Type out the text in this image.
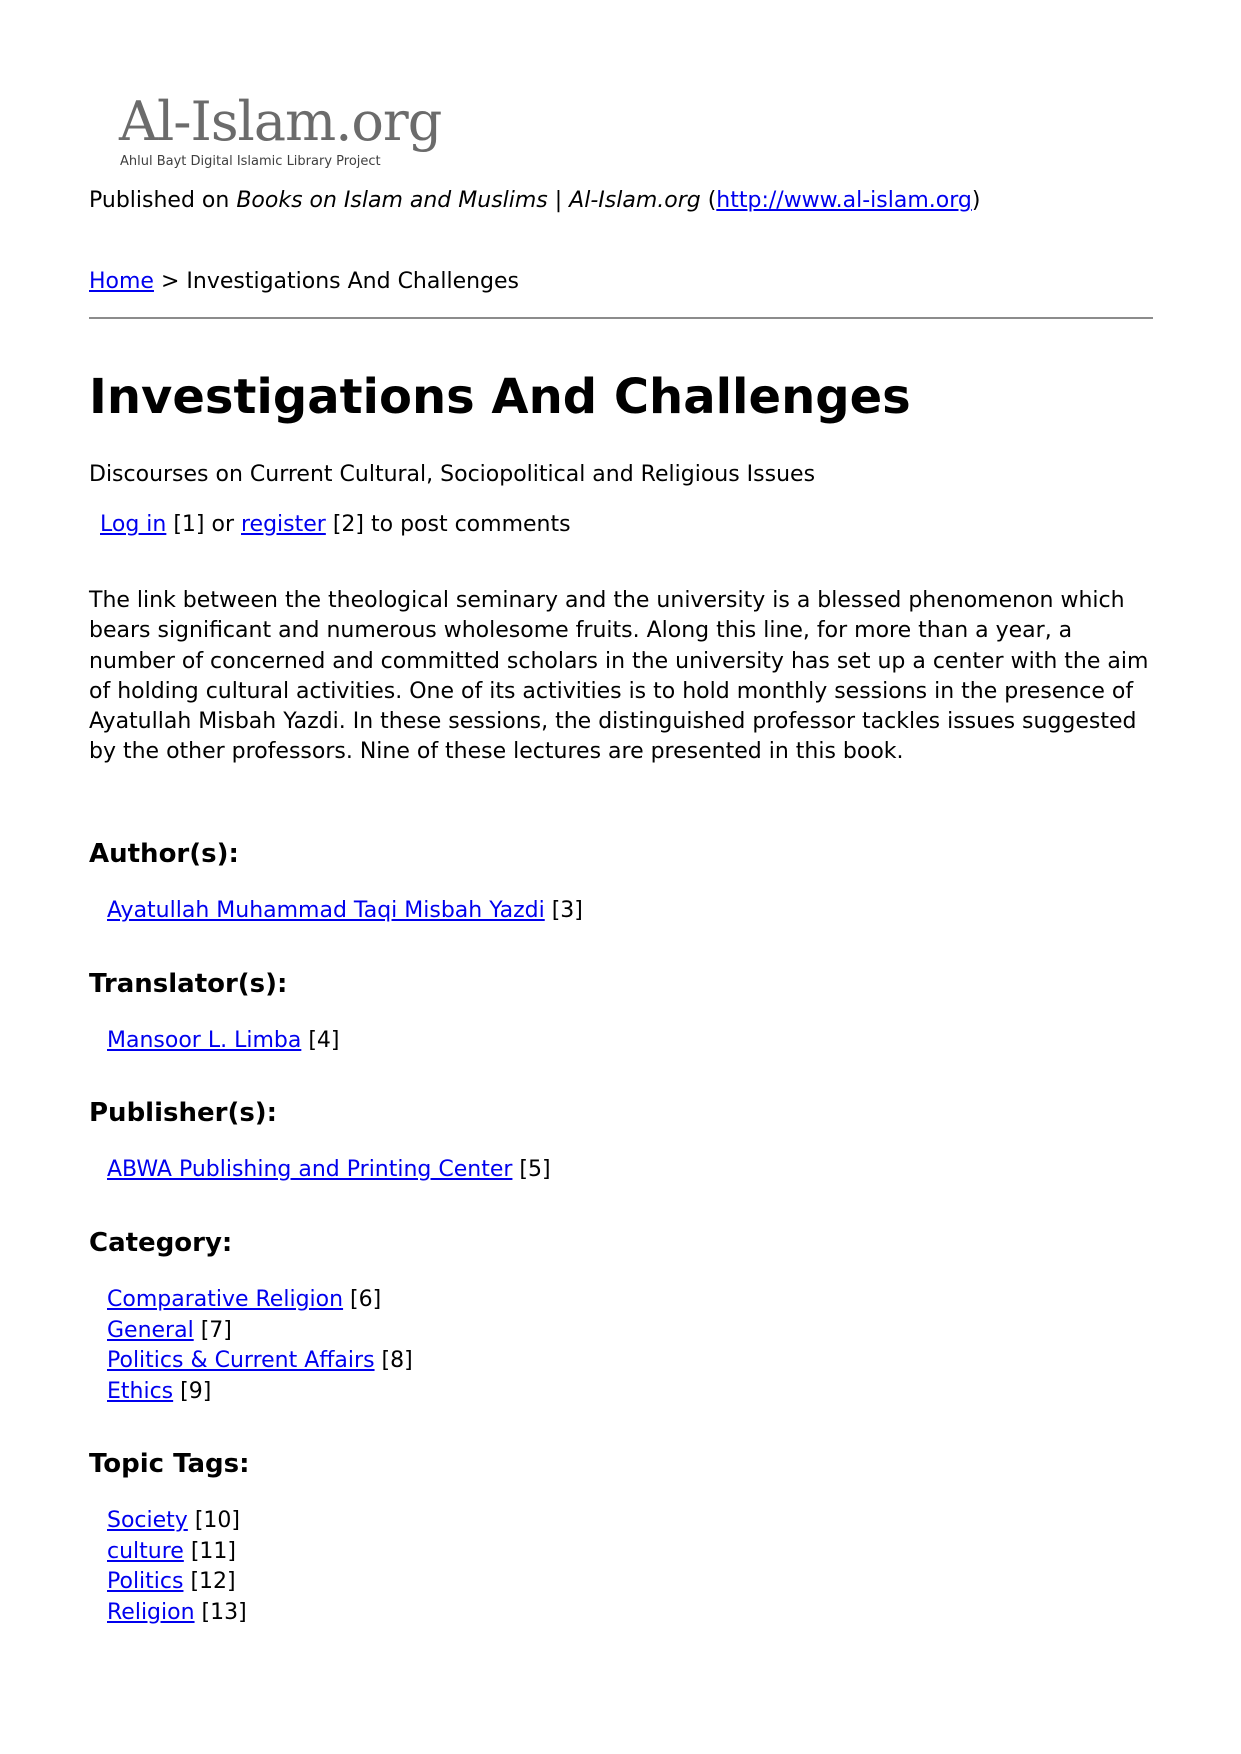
Al-Islam.org
Ahlul Bayt Digital Islamic Library Project
Published on Books on Islam and Muslims | Al-Islam.org (http://www.al-islam.org)
Home > Investigations And Challenges
Investigations And Challenges
Discourses on Current Cultural, Sociopolitical and Religious Issues
Log in [1] or register [2] to post comments

The link between the theological seminary and the university is a blessed phenomenon which bears significant and numerous wholesome fruits. Along this line, for more than a year, a number of concerned and committed scholars in the university has set up a center with the aim of holding cultural activities. One of its activities is to hold monthly sessions in the presence of Ayatullah Misbah Yazdi. In these sessions, the distinguished professor tackles issues suggested by the other professors. Nine of these lectures are presented in this book.

Author(s):
Ayatullah Muhammad Taqi Misbah Yazdi [3]
Translator(s):
Mansoor L. Limba [4]
Publisher(s):
ABWA Publishing and Printing Center [5]
Category:
Comparative Religion [6]
General [7]
Politics & Current Affairs [8]
Ethics [9]
Topic Tags:
Society [10]
culture [11]
Politics [12]
Religion [13]
